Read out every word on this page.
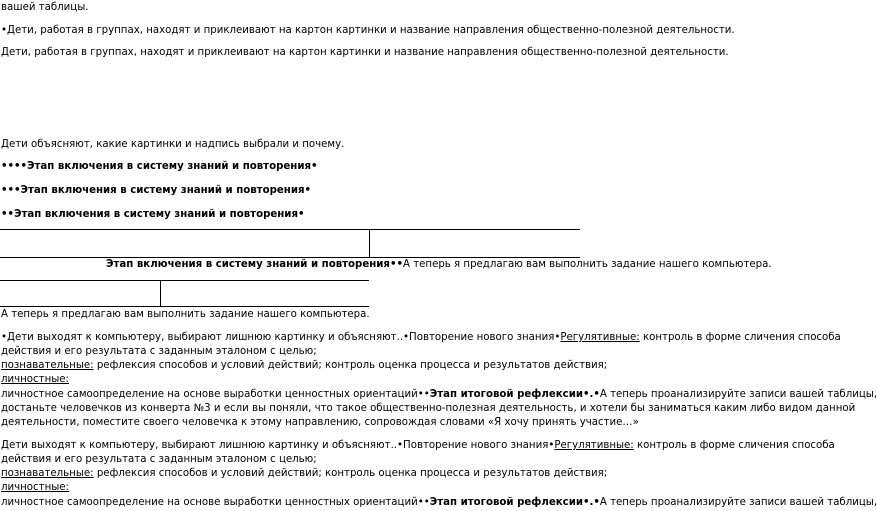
вашей таблицы.
•Дети, работая в группах, находят и приклеивают на картон картинки и название направления общественно-полезной деятельности.
Дети, работая в группах, находят и приклеивают на картон картинки и название направления общественно-полезной деятельности.
Дети объясняют, какие картинки и надпись выбрали и почему.
••••Этап включения в систему знаний и повторения•
•••Этап включения в систему знаний и повторения•
••Этап включения в систему знаний и повторения•
Этап включения в систему знаний и повторения••А теперь я предлагаю вам выполнить задание нашего компьютера.
А теперь я предлагаю вам выполнить задание нашего компьютера.
•Дети выходят к компьютеру, выбирают лишнюю картинку и объясняют..•Повторение нового знания•Регулятивные: контроль в форме сличения способа
действия и его результата с заданным эталоном с целью;
познавательные: рефлексия способов и условий действий; контроль оценка процесса и результатов действия;
личностные:
личностное самоопределение на основе выработки ценностных ориентаций••Этап итоговой рефлексии•.•А теперь проанализируйте записи вашей таблицы,
достаньте человечков из конверта №3 и если вы поняли, что такое общественно-полезная деятельность, и хотели бы заниматься каким либо видом данной
деятельности, поместите своего человечка к этому направлению, сопровождая словами «Я хочу принять участие…»
Дети выходят к компьютеру, выбирают лишнюю картинку и объясняют..•Повторение нового знания•Регулятивные: контроль в форме сличения способа
действия и его результата с заданным эталоном с целью;
познавательные: рефлексия способов и условий действий; контроль оценка процесса и результатов действия;
личностные:
личностное самоопределение на основе выработки ценностных ориентаций••Этап итоговой рефлексии•.•А теперь проанализируйте записи вашей таблицы,
